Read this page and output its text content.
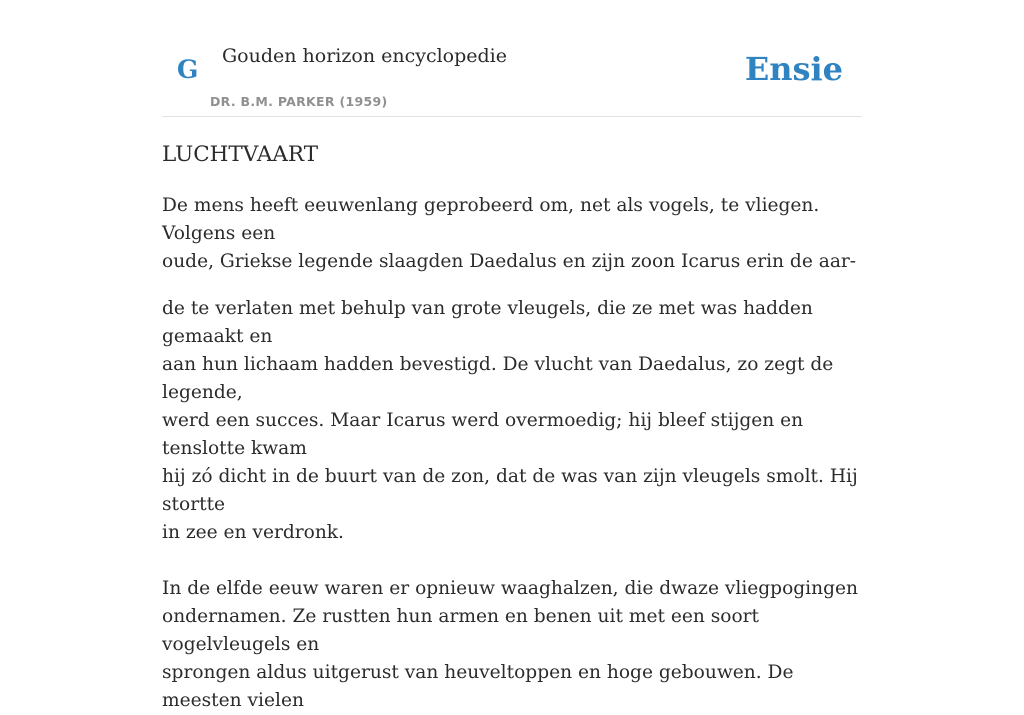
G Gouden horizon encyclopedie
DR. B.M. PARKER (1959)
Ensie
LUCHTVAART

De mens heeft eeuwenlang geprobeerd om, net als vogels, te vliegen. Volgens een
oude, Griekse legende slaagden Daedalus en zijn zoon Icarus erin de aar-

de te verlaten met behulp van grote vleugels, die ze met was hadden gemaakt en
aan hun lichaam hadden bevestigd. De vlucht van Daedalus, zo zegt de legende,
werd een succes. Maar Icarus werd overmoedig; hij bleef stijgen en tenslotte kwam
hij zó dicht in de buurt van de zon, dat de was van zijn vleugels smolt. Hij stortte
in zee en verdronk.

In de elfde eeuw waren er opnieuw waaghalzen, die dwaze vliegpogingen
ondernamen. Ze rustten hun armen en benen uit met een soort vogelvleugels en
sprongen aldus uitgerust van heuveltoppen en hoge gebouwen. De meesten vielen
